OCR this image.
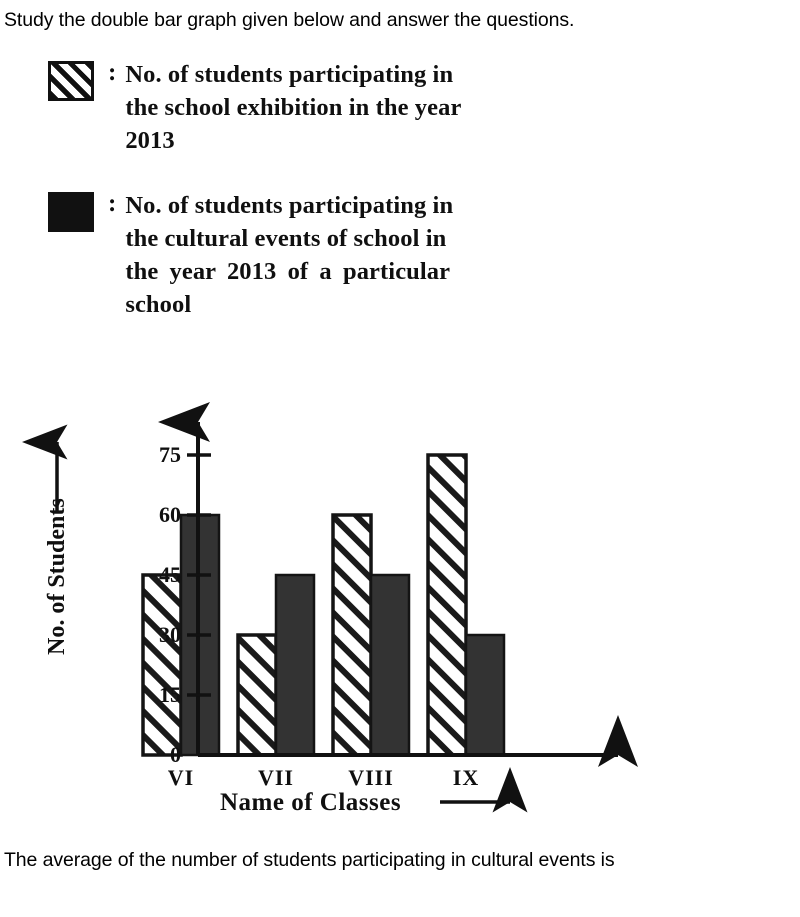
Study the double bar graph given below and answer the questions.
: No. of students participating in
the school exhibition in the year
2013
: No. of students participating in
the cultural events of school in
the year 2013 of a particular
school
VI	VII VIII	IX
0
15
30
45
60
75
No. of Students
Name of Classes
The average of the number of students participating in cultural events is
